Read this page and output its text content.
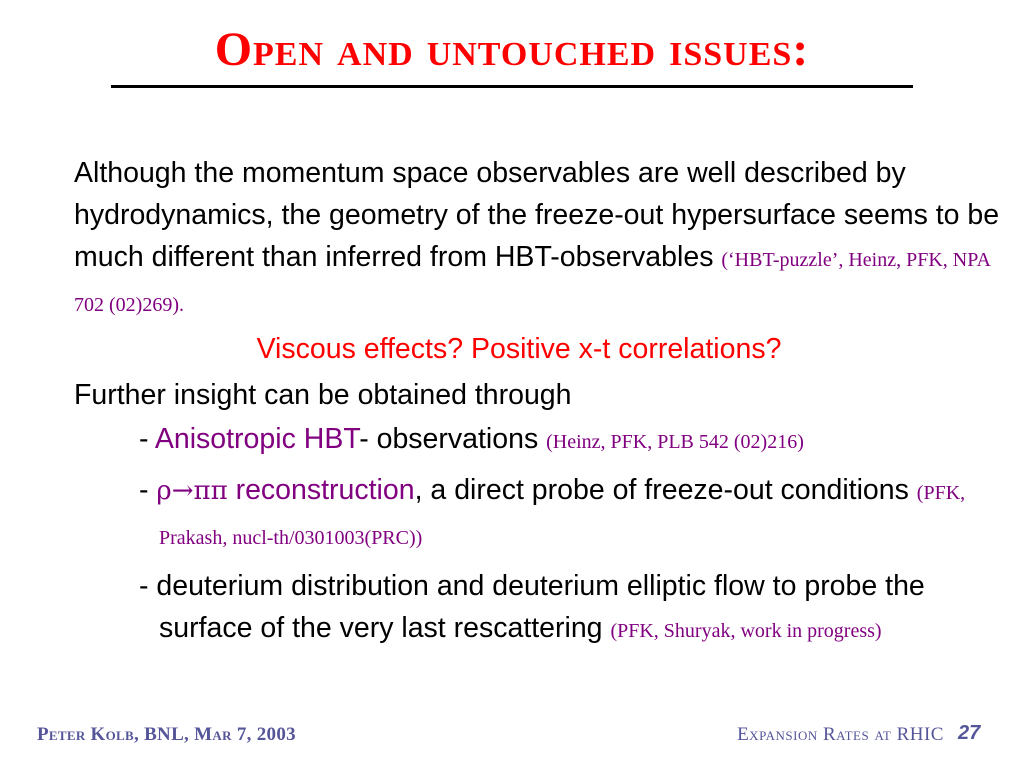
Open and untouched issues:

Although the momentum space observables are well described by hydrodynamics, the geometry of the freeze-out hypersurface seems to be much different than inferred from HBT-observables (‘HBT-puzzle’, Heinz, PFK, NPA 702 (02)269).

Viscous effects? Positive x-t correlations?

Further insight can be obtained through

- Anisotropic HBT- observations (Heinz, PFK, PLB 542 (02)216)

- ρ→ππ reconstruction, a direct probe of freeze-out conditions (PFK, Prakash, nucl-th/0301003(PRC))

- deuterium distribution and deuterium elliptic flow to probe the surface of the very last rescattering (PFK, Shuryak, work in progress)

Peter Kolb, BNL, Mar 7, 2003	Expansion Rates at RHIC 27
